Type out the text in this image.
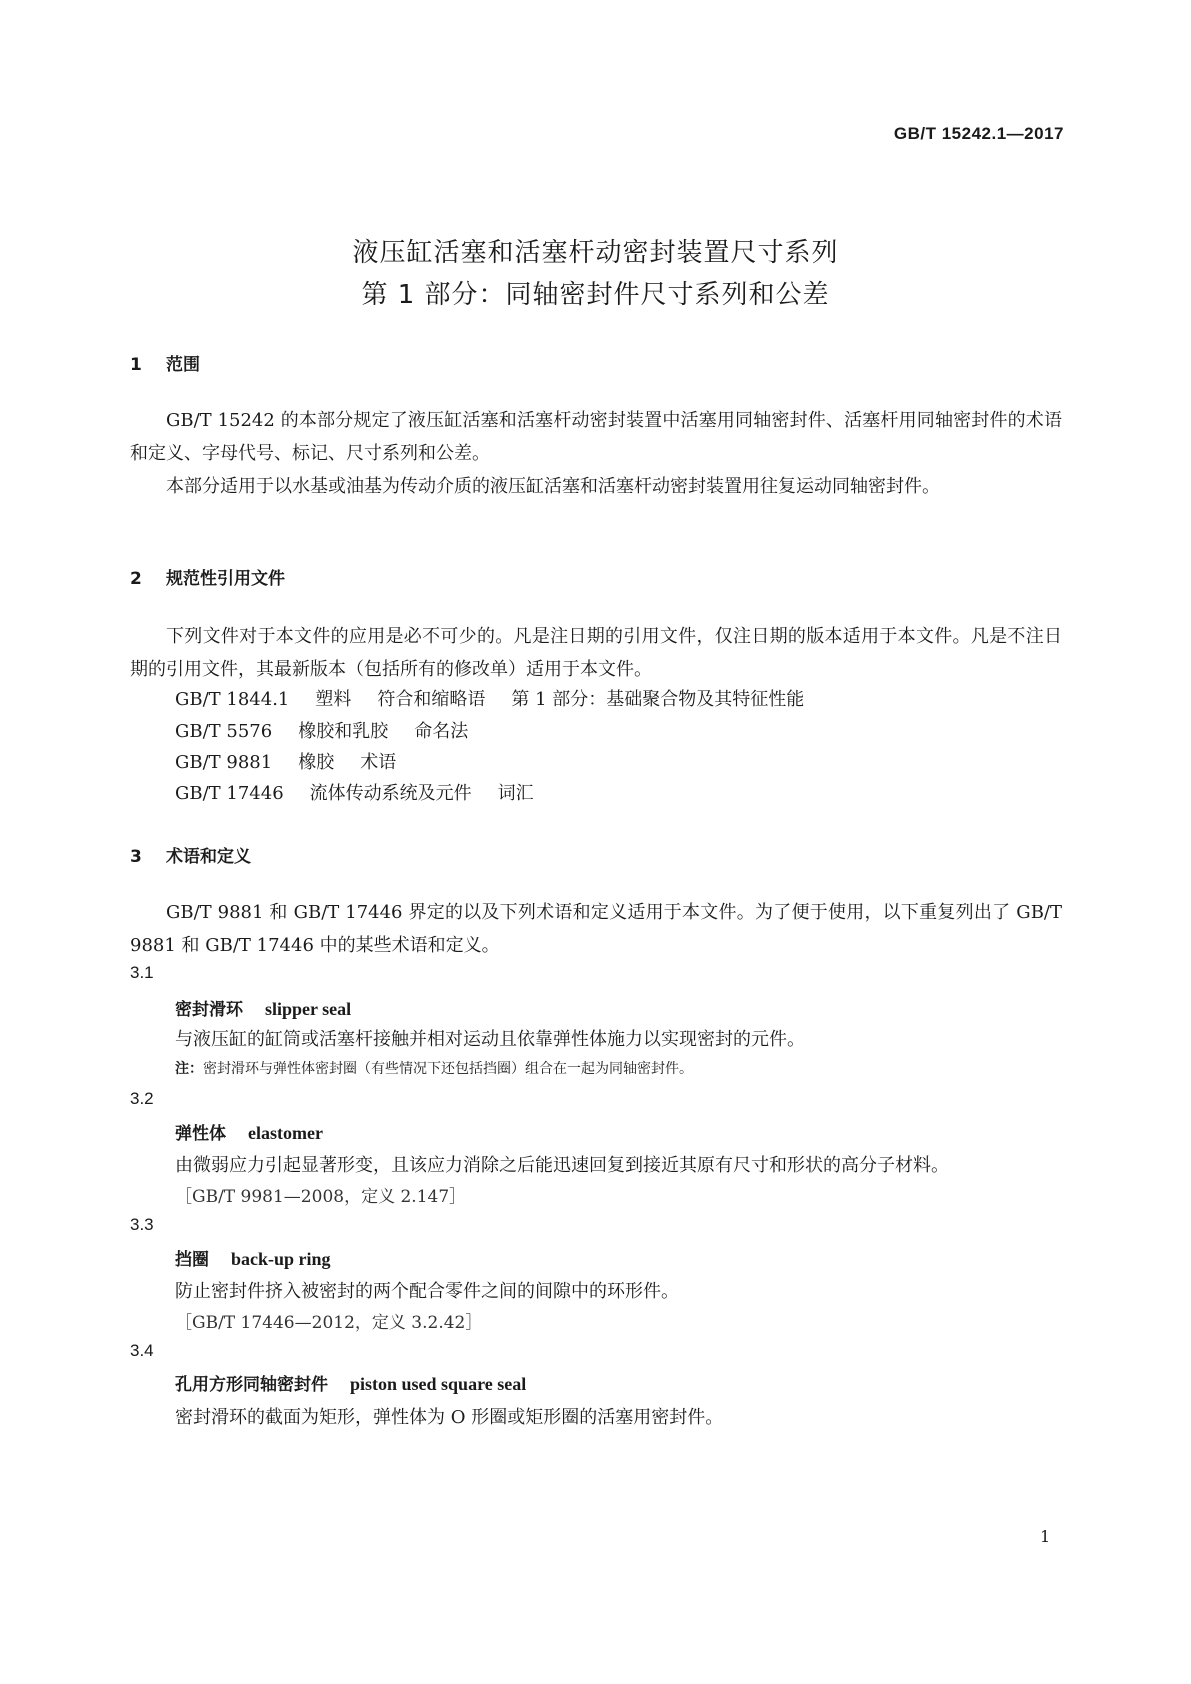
GB/T 15242.1—2017
液压缸活塞和活塞杆动密封装置尺寸系列
第 1 部分：同轴密封件尺寸系列和公差
1 范围

GB/T 15242 的本部分规定了液压缸活塞和活塞杆动密封装置中活塞用同轴密封件、活塞杆用同轴密封件的术语和定义、字母代号、标记、尺寸系列和公差。

本部分适用于以水基或油基为传动介质的液压缸活塞和活塞杆动密封装置用往复运动同轴密封件。

2 规范性引用文件

下列文件对于本文件的应用是必不可少的。凡是注日期的引用文件，仅注日期的版本适用于本文件。凡是不注日期的引用文件，其最新版本（包括所有的修改单）适用于本文件。

GB/T 1844.1 塑料 符合和缩略语 第 1 部分：基础聚合物及其特征性能
GB/T 5576 橡胶和乳胶 命名法
GB/T 9881 橡胶 术语
GB/T 17446 流体传动系统及元件 词汇
3 术语和定义

GB/T 9881 和 GB/T 17446 界定的以及下列术语和定义适用于本文件。为了便于使用，以下重复列出了 GB/T 9881 和 GB/T 17446 中的某些术语和定义。

3.1
密封滑环 slipper seal
与液压缸的缸筒或活塞杆接触并相对运动且依靠弹性体施力以实现密封的元件。
注：密封滑环与弹性体密封圈（有些情况下还包括挡圈）组合在一起为同轴密封件。
3.2
弹性体 elastomer
由微弱应力引起显著形变，且该应力消除之后能迅速回复到接近其原有尺寸和形状的高分子材料。
［GB/T 9981—2008，定义 2.147］
3.3
挡圈 back-up ring
防止密封件挤入被密封的两个配合零件之间的间隙中的环形件。
［GB/T 17446—2012，定义 3.2.42］
3.4
孔用方形同轴密封件 piston used square seal
密封滑环的截面为矩形，弹性体为 O 形圈或矩形圈的活塞用密封件。
1
